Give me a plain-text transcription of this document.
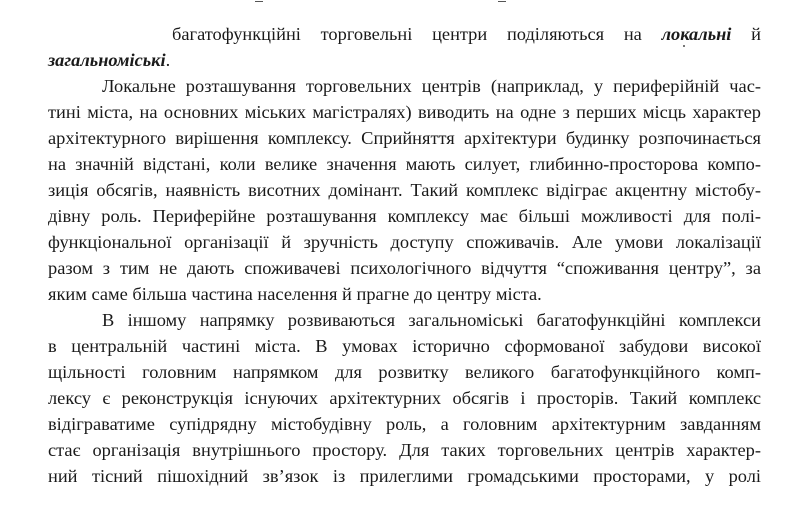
багатофункційні торговельні центри поділяються на локальні й
загальноміські.
Локальне розташування торговельних центрів (наприклад, у периферійній час-
тині міста, на основних міських магістралях) виводить на одне з перших місць характер
архітектурного вирішення комплексу. Сприйняття архітектури будинку розпочинається
на значній відстані, коли велике значення мають силует, глибинно-просторова компо-
зиція обсягів, наявність висотних домінант. Такий комплекс відіграє акцентну містобу-
дівну роль. Периферійне розташування комплексу має більші можливості для полі-
функціональної організації й зручність доступу споживачів. Але умови локалізації
разом з тим не дають споживачеві психологічного відчуття “споживання центру”, за
яким саме більша частина населення й прагне до центру міста.
В іншому напрямку розвиваються загальноміські багатофункційні комплекси
в центральній частині міста. В умовах історично сформованої забудови високої
щільності головним напрямком для розвитку великого багатофункційного комп-
лексу є реконструкція існуючих архітектурних обсягів і просторів. Такий комплекс
відіграватиме супідрядну містобудівну роль, а головним архітектурним завданням
стає організація внутрішнього простору. Для таких торговельних центрів характер-
ний тісний пішохідний зв’язок із прилеглими громадськими просторами, у ролі
